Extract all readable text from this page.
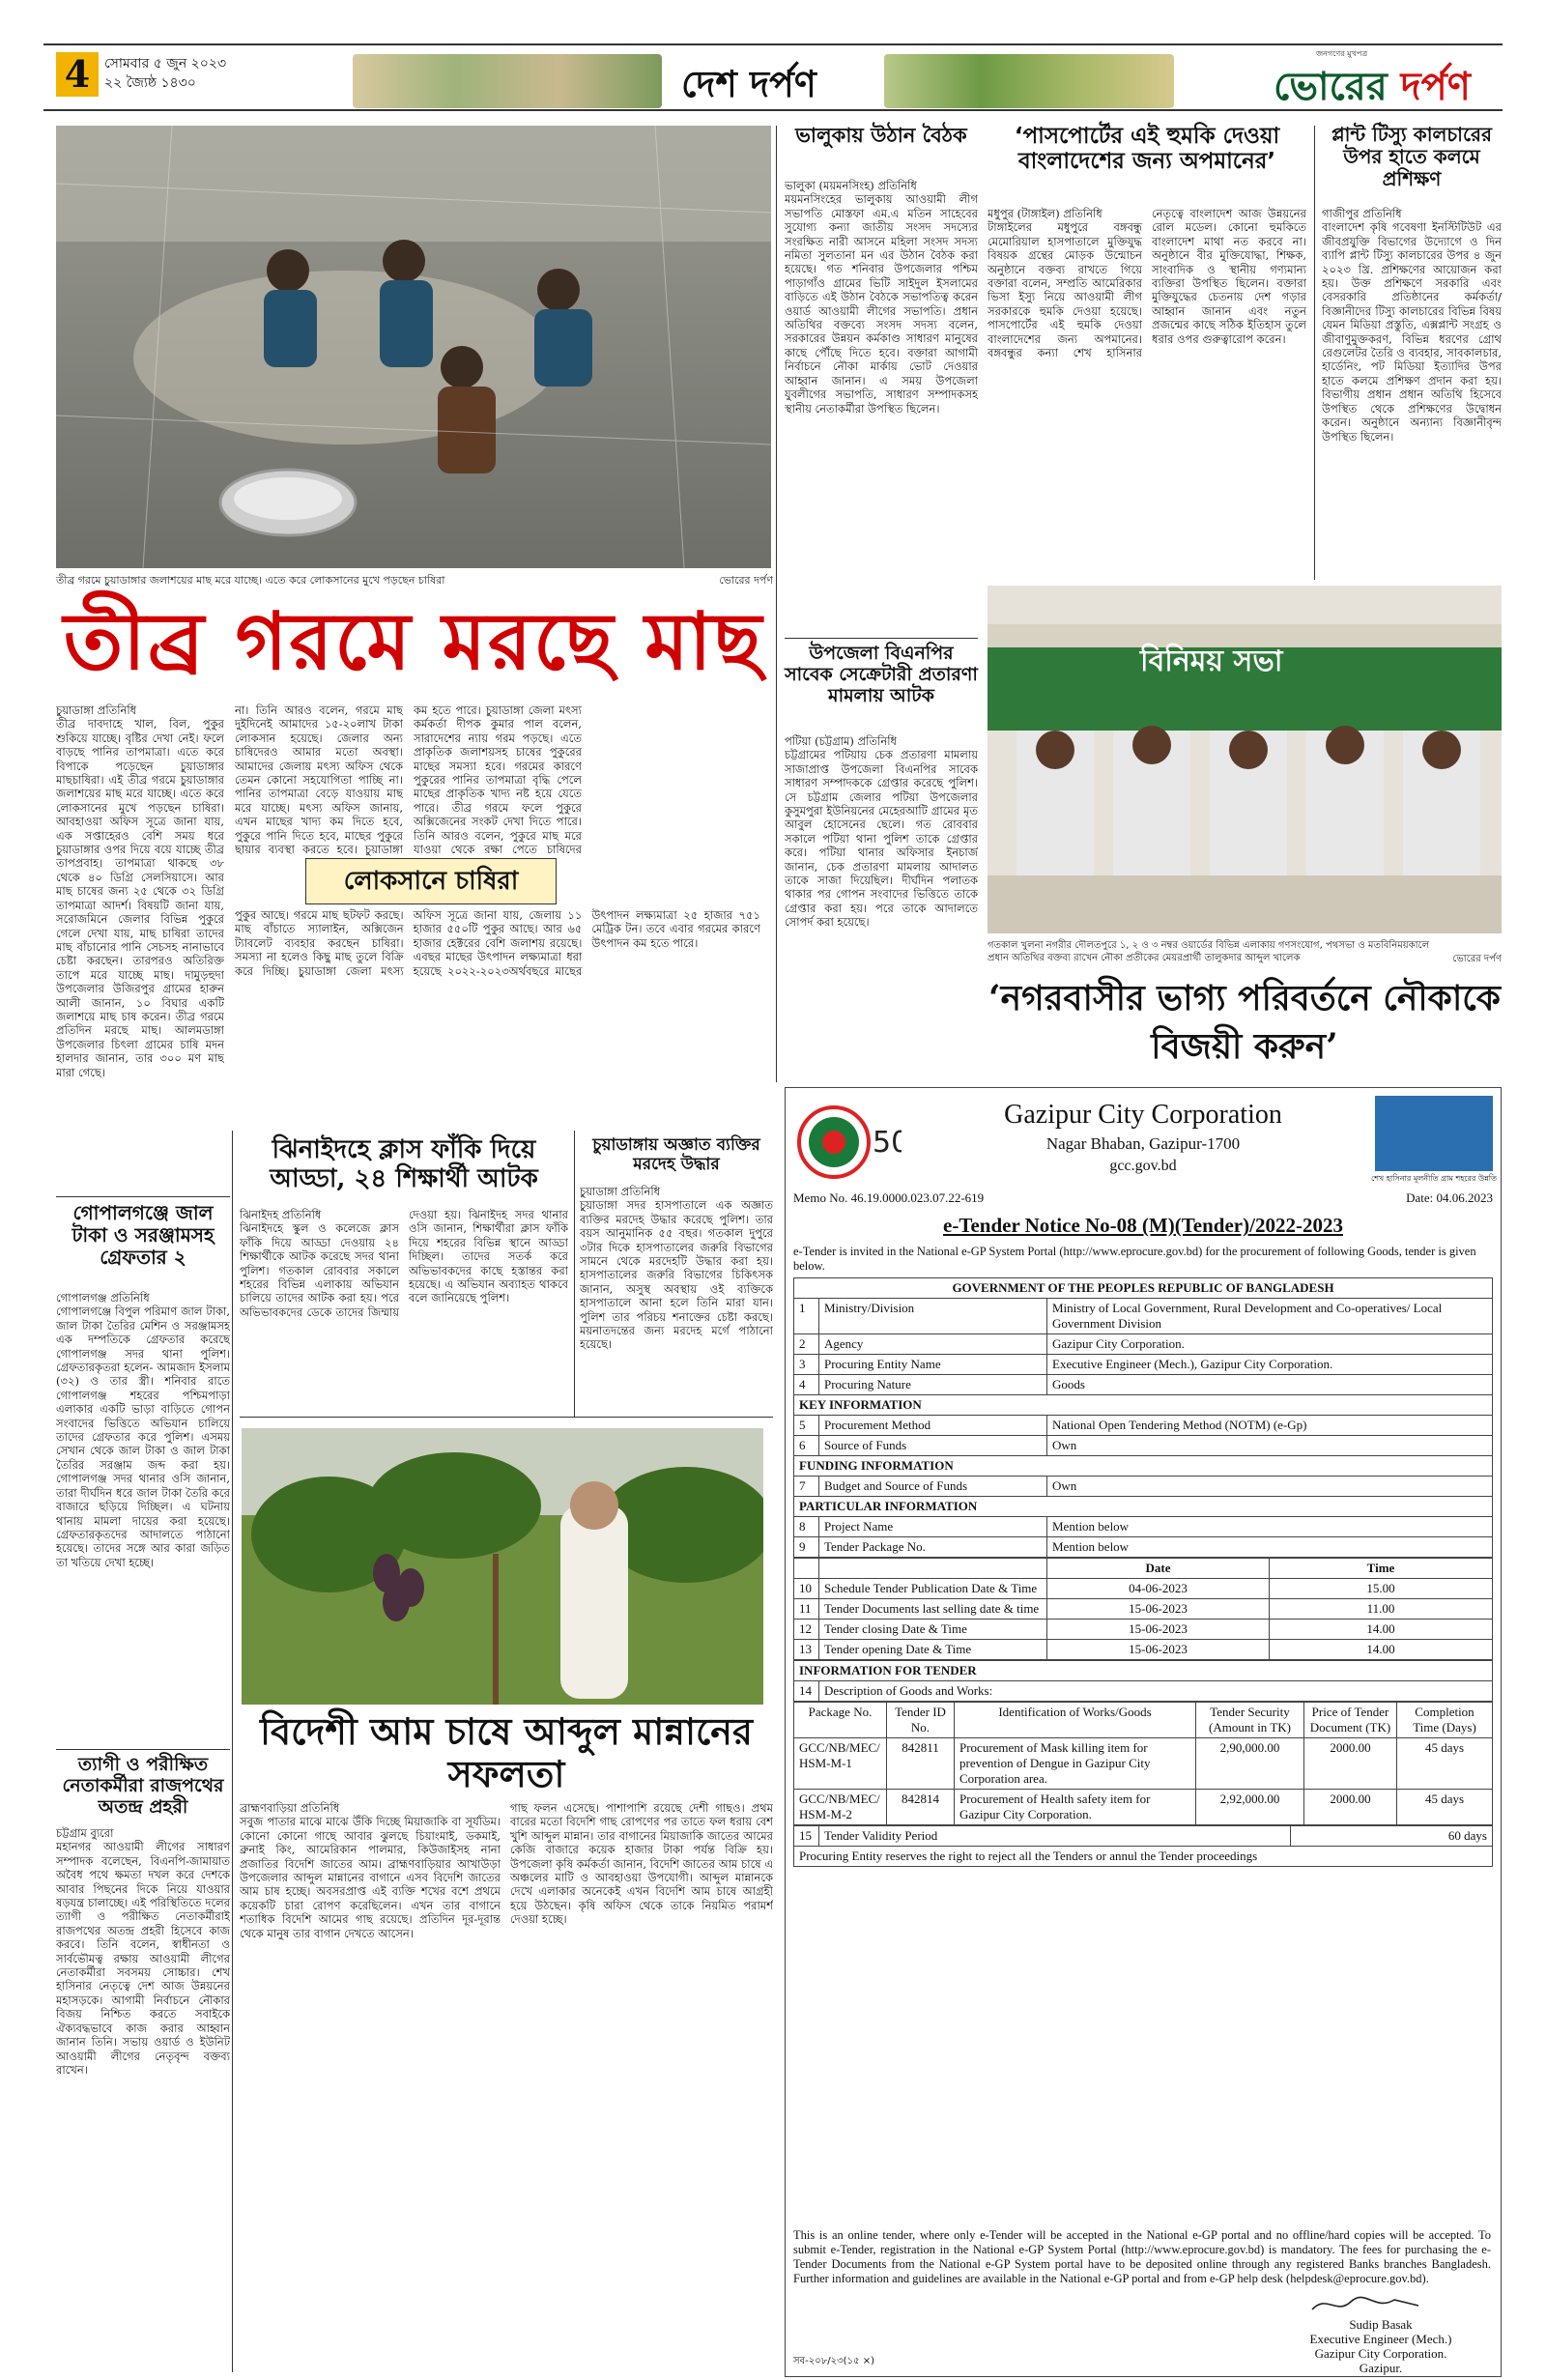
4	সোমবার ৫ জুন ২০২৩
২২ জ্যৈষ্ঠ ১৪৩০	দেশ দর্পণ
জনগণের মুখপত্র
ভোরের দর্পণ
তীব্র গরমে চুয়াডাঙ্গার জলাশয়ের মাছ মরে যাচ্ছে। এতে করে লোকসানের মুখে পড়ছেন চাষিরা	ভোরের দর্পণ
তীব্র গরমে মরছে মাছ
চুয়াডাঙ্গা প্রতিনিধি
তীব্র দাবদাহে খাল, বিল, পুকুর শুকিয়ে যাচ্ছে। বৃষ্টির দেখা নেই। ফলে বাড়ছে পানির তাপমাত্রা। এতে করে বিপাকে পড়েছেন চুয়াডাঙ্গার মাছচাষিরা। এই তীব্র গরমে চুয়াডাঙ্গার জলাশয়ের মাছ মরে যাচ্ছে। এতে করে লোকসানের মুখে পড়ছেন চাষিরা। আবহাওয়া অফিস সূত্রে জানা যায়, এক সপ্তাহেরও বেশি সময় ধরে চুয়াডাঙ্গার ওপর দিয়ে বয়ে যাচ্ছে তীব্র তাপপ্রবাহ। তাপমাত্রা থাকছে ৩৮ থেকে ৪০ ডিগ্রি সেলসিয়াসে। আর মাছ চাষের জন্য ২৫ থেকে ৩২ ডিগ্রি তাপমাত্রা আদর্শ। বিষয়টি জানা যায়, সরোজমিনে জেলার বিভিন্ন পুকুরে গেলে দেখা যায়, মাছ চাষিরা তাদের মাছ বাঁচানোর পানি সেচসহ নানাভাবে চেষ্টা করছেন। তারপরও অতিরিক্ত তাপে মরে যাচ্ছে মাছ। দামুড়হুদা উপজেলার উজিরপুর গ্রামের হারুন আলী জানান, ১০ বিঘার একটি জলাশয়ে মাছ চাষ করেন। তীব্র গরমে প্রতিদিন মরছে মাছ। আলমডাঙ্গা উপজেলার চিৎলা গ্রামের চাষি মদন হালদার জানান, তার ৩০০ মণ মাছ মারা গেছে।
না। তিনি আরও বলেন, গরমে মাছ দুইদিনেই আমাদের ১৫-২০লাখ টাকা লোকসান হয়েছে। জেলার অন্য চাষিদেরও আমার মতো অবস্থা। আমাদের জেলায় মৎস্য অফিস থেকে তেমন কোনো সহযোগিতা পাচ্ছি না। পানির তাপমাত্রা বেড়ে যাওয়ায় মাছ মরে যাচ্ছে। মৎস্য অফিস জানায়, এখন মাছের খাদ্য কম দিতে হবে, পুকুরে পানি দিতে হবে, মাছের পুকুরে ছায়ার ব্যবস্থা করতে হবে। চুয়াডাঙ্গা
কম হতে পারে। চুয়াডাঙ্গা জেলা মৎস্য কর্মকর্তা দীপক কুমার পাল বলেন, সারাদেশের ন্যায় গরম পড়ছে। এতে প্রাকৃতিক জলাশয়সহ চাষের পুকুরের মাছের সমস্যা হবে। গরমের কারণে পুকুরের পানির তাপমাত্রা বৃদ্ধি পেলে মাছের প্রাকৃতিক খাদ্য নষ্ট হয়ে যেতে পারে। তীব্র গরমে ফলে পুকুরে অক্সিজেনের সংকট দেখা দিতে পারে। তিনি আরও বলেন, পুকুরে মাছ মরে যাওয়া থেকে রক্ষা পেতে চাষিদের
লোকসানে চাষিরা
পুকুর আছে। গরমে মাছ ছটফট করছে। মাছ বাঁচাতে স্যালাইন, অক্সিজেন ট্যাবলেট ব্যবহার করছেন চাষিরা। সমস্যা না হলেও কিছু মাছ তুলে বিক্রি করে দিচ্ছি। চুয়াডাঙ্গা জেলা মৎস্য অফিস সূত্রে জানা যায়, জেলায় ১১ হাজার ৫৫০টি পুকুর আছে। আর ৬৫ হাজার হেক্টরের বেশি জলাশয় রয়েছে। এবছর মাছের উৎপাদন লক্ষ্যমাত্রা ধরা হয়েছে ২০২২-২০২৩অর্থবছরে মাছের উৎপাদন লক্ষ্যমাত্রা ২৫ হাজার ৭৫১ মেট্রিক টন। তবে এবার গরমের কারণে উৎপাদন কম হতে পারে।
ভালুকায় উঠান বৈঠক
ভালুকা (ময়মনসিংহ) প্রতিনিধি
ময়মনসিংহের ভালুকায় আওয়ামী লীগ সভাপতি মোস্তফা এম.এ মতিন সাহেবের সুযোগ্য কন্যা জাতীয় সংসদ সদস্যের সংরক্ষিত নারী আসনে মহিলা সংসদ সদস্য নমিতা সুলতানা মন এর উঠান বৈঠক করা হয়েছে। গত শনিবার উপজেলার পশ্চিম পাড়াগাঁও গ্রামের ভিটি সাইদুল ইসলামের বাড়িতে এই উঠান বৈঠকে সভাপতিত্ব করেন ওয়ার্ড আওয়ামী লীগের সভাপতি। প্রধান অতিথির বক্তব্যে সংসদ সদস্য বলেন, সরকারের উন্নয়ন কর্মকাণ্ড সাধারণ মানুষের কাছে পৌঁছে দিতে হবে। বক্তারা আগামী নির্বাচনে নৌকা মার্কায় ভোট দেওয়ার আহ্বান জানান। এ সময় উপজেলা যুবলীগের সভাপতি, সাধারণ সম্পাদকসহ স্থানীয় নেতাকর্মীরা উপস্থিত ছিলেন।
উপজেলা বিএনপির সাবেক সেক্রেটারী প্রতারণা মামলায় আটক
পটিয়া (চট্টগ্রাম) প্রতিনিধি
চট্টগ্রামের পটিয়ায় চেক প্রতারণা মামলায় সাজাপ্রাপ্ত উপজেলা বিএনপির সাবেক সাধারণ সম্পাদককে গ্রেপ্তার করেছে পুলিশ। সে চট্টগ্রাম জেলার পটিয়া উপজেলার কুসুমপুরা ইউনিয়নের মেহেরআটি গ্রামের মৃত আবুল হোসেনের ছেলে। গত রোববার সকালে পটিয়া থানা পুলিশ তাকে গ্রেপ্তার করে। পটিয়া থানার অফিসার ইনচার্জ জানান, চেক প্রতারণা মামলায় আদালত তাকে সাজা দিয়েছিল। দীর্ঘদিন পলাতক থাকার পর গোপন সংবাদের ভিত্তিতে তাকে গ্রেপ্তার করা হয়। পরে তাকে আদালতে সোপর্দ করা হয়েছে।
‘পাসপোর্টের এই হুমকি দেওয়া বাংলাদেশের জন্য অপমানের’
মধুপুর (টাঙ্গাইল) প্রতিনিধি
টাঙ্গাইলের মধুপুরে বঙ্গবন্ধু মেমোরিয়াল হাসপাতালে মুক্তিযুদ্ধ বিষয়ক গ্রন্থের মোড়ক উন্মোচন অনুষ্ঠানে বক্তব্য রাখতে গিয়ে বক্তারা বলেন, সম্প্রতি আমেরিকার ভিসা ইস্যু নিয়ে আওয়ামী লীগ সরকারকে হুমকি দেওয়া হয়েছে। পাসপোর্টের এই হুমকি দেওয়া বাংলাদেশের জন্য অপমানের। বঙ্গবন্ধুর কন্যা শেখ হাসিনার নেতৃত্বে বাংলাদেশ আজ উন্নয়নের রোল মডেল। কোনো হুমকিতে বাংলাদেশ মাথা নত করবে না। অনুষ্ঠানে বীর মুক্তিযোদ্ধা, শিক্ষক, সাংবাদিক ও স্থানীয় গণ্যমান্য ব্যক্তিরা উপস্থিত ছিলেন। বক্তারা মুক্তিযুদ্ধের চেতনায় দেশ গড়ার আহ্বান জানান এবং নতুন প্রজন্মের কাছে সঠিক ইতিহাস তুলে ধরার ওপর গুরুত্বারোপ করেন।
প্লান্ট টিস্যু কালচারের উপর হাতে কলমে প্রশিক্ষণ
গাজীপুর প্রতিনিধি
বাংলাদেশ কৃষি গবেষণা ইনস্টিটিউট এর জীবপ্রযুক্তি বিভাগের উদ্যোগে ও দিন ব্যাপি প্লান্ট টিস্যু কালচারের উপর ৪ জুন ২০২৩ খ্রি. প্রশিক্ষণের আয়োজন করা হয়। উক্ত প্রশিক্ষণে সরকারি এবং বেসরকারি প্রতিষ্ঠানের কর্মকর্তা/বিজ্ঞানীদের টিস্যু কালচারের বিভিন্ন বিষয় যেমন মিডিয়া প্রস্তুতি, এক্সপ্লান্ট সংগ্রহ ও জীবাণুমুক্তকরণ, বিভিন্ন ধরণের গ্রোথ রেগুলেটর তৈরি ও ব্যবহার, সাবকালচার, হার্ডেনিং, পট মিডিয়া ইত্যাদির উপর হাতে কলমে প্রশিক্ষণ প্রদান করা হয়। বিভাগীয় প্রধান প্রধান অতিথি হিসেবে উপস্থিত থেকে প্রশিক্ষণের উদ্বোধন করেন। অনুষ্ঠানে অন্যান্য বিজ্ঞানীবৃন্দ উপস্থিত ছিলেন।
বিনিময় সভা
গতকাল খুলনা নগরীর দৌলতপুরে ১, ২ ও ৩ নম্বর ওয়ার্ডের বিভিন্ন এলাকায় গণসংযোগ, পথসভা ও মতবিনিময়কালে প্রধান অতিথির বক্তব্য রাখেন নৌকা প্রতীকের মেয়রপ্রার্থী তালুকদার আব্দুল খালেক	ভোরের দর্পণ
‘নগরবাসীর ভাগ্য পরিবর্তনে নৌকাকে বিজয়ী করুন’
গোপালগঞ্জে জাল টাকা ও সরঞ্জামসহ গ্রেফতার ২
গোপালগঞ্জ প্রতিনিধি
গোপালগঞ্জে বিপুল পরিমাণ জাল টাকা, জাল টাকা তৈরির মেশিন ও সরঞ্জামসহ এক দম্পতিকে গ্রেফতার করেছে গোপালগঞ্জ সদর থানা পুলিশ। গ্রেফতারকৃতরা হলেন- আমজাদ ইসলাম (৩২) ও তার স্ত্রী। শনিবার রাতে গোপালগঞ্জ শহরের পশ্চিমপাড়া এলাকার একটি ভাড়া বাড়িতে গোপন সংবাদের ভিত্তিতে অভিযান চালিয়ে তাদের গ্রেফতার করে পুলিশ। এসময় সেখান থেকে জাল টাকা ও জাল টাকা তৈরির সরঞ্জাম জব্দ করা হয়। গোপালগঞ্জ সদর থানার ওসি জানান, তারা দীর্ঘদিন ধরে জাল টাকা তৈরি করে বাজারে ছড়িয়ে দিচ্ছিল। এ ঘটনায় থানায় মামলা দায়ের করা হয়েছে। গ্রেফতারকৃতদের আদালতে পাঠানো হয়েছে। তাদের সঙ্গে আর কারা জড়িত তা খতিয়ে দেখা হচ্ছে।
ত্যাগী ও পরীক্ষিত নেতাকর্মীরা রাজপথের অতন্দ্র প্রহরী
চট্টগ্রাম ব্যুরো
মহানগর আওয়ামী লীগের সাধারণ সম্পাদক বলেছেন, বিএনপি-জামায়াত অবৈধ পথে ক্ষমতা দখল করে দেশকে আবার পিছনের দিকে নিয়ে যাওয়ার ষড়যন্ত্র চালাচ্ছে। এই পরিস্থিতিতে দলের ত্যাগী ও পরীক্ষিত নেতাকর্মীরাই রাজপথের অতন্দ্র প্রহরী হিসেবে কাজ করবে। তিনি বলেন, স্বাধীনতা ও সার্বভৌমত্ব রক্ষায় আওয়ামী লীগের নেতাকর্মীরা সবসময় সোচ্চার। শেখ হাসিনার নেতৃত্বে দেশ আজ উন্নয়নের মহাসড়কে। আগামী নির্বাচনে নৌকার বিজয় নিশ্চিত করতে সবাইকে ঐক্যবদ্ধভাবে কাজ করার আহ্বান জানান তিনি। সভায় ওয়ার্ড ও ইউনিট আওয়ামী লীগের নেতৃবৃন্দ বক্তব্য রাখেন।
ঝিনাইদহে ক্লাস ফাঁকি দিয়ে আড্ডা, ২৪ শিক্ষার্থী আটক
ঝিনাইদহ প্রতিনিধি
ঝিনাইদহে স্কুল ও কলেজে ক্লাস ফাঁকি দিয়ে আড্ডা দেওয়ায় ২৪ শিক্ষার্থীকে আটক করেছে সদর থানা পুলিশ। গতকাল রোববার সকালে শহরের বিভিন্ন এলাকায় অভিযান চালিয়ে তাদের আটক করা হয়। পরে অভিভাবকদের ডেকে তাদের জিম্মায় দেওয়া হয়। ঝিনাইদহ সদর থানার ওসি জানান, শিক্ষার্থীরা ক্লাস ফাঁকি দিয়ে শহরের বিভিন্ন স্থানে আড্ডা দিচ্ছিল। তাদের সতর্ক করে অভিভাবকদের কাছে হস্তান্তর করা হয়েছে। এ অভিযান অব্যাহত থাকবে বলে জানিয়েছে পুলিশ।
চুয়াডাঙ্গায় অজ্ঞাত ব্যক্তির মরদেহ উদ্ধার
চুয়াডাঙ্গা প্রতিনিধি
চুয়াডাঙ্গা সদর হাসপাতালে এক অজ্ঞাত ব্যক্তির মরদেহ উদ্ধার করেছে পুলিশ। তার বয়স আনুমানিক ৫৫ বছর। গতকাল দুপুরে ৩টার দিকে হাসপাতালের জরুরি বিভাগের সামনে থেকে মরদেহটি উদ্ধার করা হয়। হাসপাতালের জরুরি বিভাগের চিকিৎসক জানান, অসুস্থ অবস্থায় ওই ব্যক্তিকে হাসপাতালে আনা হলে তিনি মারা যান। পুলিশ তার পরিচয় শনাক্তের চেষ্টা করছে। ময়নাতদন্তের জন্য মরদেহ মর্গে পাঠানো হয়েছে।
বিদেশী আম চাষে আব্দুল মান্নানের সফলতা
ব্রাহ্মণবাড়িয়া প্রতিনিধি
সবুজ পাতার মাঝে মাঝে উঁকি দিচ্ছে মিয়াজাকি বা সূর্যডিম। কোনো কোনো গাছে আবার ঝুলছে চিয়াংমাই, ডকমাই, ব্রুনাই কিং, আমেরিকান পালমার, কিউজাইসহ নানা প্রজাতির বিদেশি জাতের আম। ব্রাহ্মণবাড়িয়ার আখাউড়া উপজেলার আব্দুল মান্নানের বাগানে এসব বিদেশি জাতের আম চাষ হচ্ছে। অবসরপ্রাপ্ত এই ব্যক্তি শখের বশে প্রথমে কয়েকটি চারা রোপণ করেছিলেন। এখন তার বাগানে শতাধিক বিদেশি আমের গাছ রয়েছে। প্রতিদিন দূর-দূরান্ত থেকে মানুষ তার বাগান দেখতে আসেন।
গাছ ফলন এসেছে। পাশাপাশি রয়েছে দেশী গাছও। প্রথম বারের মতো বিদেশি গাছ রোপণের পর তাতে ফল ধরায় বেশ খুশি আব্দুল মান্নান। তার বাগানের মিয়াজাকি জাতের আমের কেজি বাজারে কয়েক হাজার টাকা পর্যন্ত বিক্রি হয়। উপজেলা কৃষি কর্মকর্তা জানান, বিদেশি জাতের আম চাষে এ অঞ্চলের মাটি ও আবহাওয়া উপযোগী। আব্দুল মান্নানকে দেখে এলাকার অনেকেই এখন বিদেশি আম চাষে আগ্রহী হয়ে উঠছেন। কৃষি অফিস থেকে তাকে নিয়মিত পরামর্শ দেওয়া হচ্ছে।
50
Gazipur City Corporation
Nagar Bhaban, Gazipur-1700
gcc.gov.bd
শেখ হাসিনার মূলনীতি গ্রাম শহরের উন্নতি
Memo No. 46.19.0000.023.07.22-619	Date: 04.06.2023
e-Tender Notice No-08 (M)(Tender)/2022-2023
e-Tender is invited in the National e-GP System Portal (http://www.eprocure.gov.bd) for the procurement of following Goods, tender is given below.
GOVERNMENT OF THE PEOPLES REPUBLIC OF BANGLADESH		
1	Ministry/Division	Ministry of Local Government, Rural Development and Co-operatives/ Local Government Division
2	Agency	Gazipur City Corporation.
3	Procuring Entity Name	Executive Engineer (Mech.), Gazipur City Corporation.
4	Procuring Nature	Goods
KEY INFORMATION		
5	Procurement Method	National Open Tendering Method (NOTM) (e-Gp)
6	Source of Funds	Own
FUNDING INFORMATION		
7	Budget and Source of Funds	Own
PARTICULAR INFORMATION		
8	Project Name	Mention below
9	Tender Package No.	Mention below
		Date	Time
10	Schedule Tender Publication Date & Time	04-06-2023	15.00
11	Tender Documents last selling date & time	15-06-2023	11.00
12	Tender closing Date & Time	15-06-2023	14.00
13	Tender opening Date & Time	15-06-2023	14.00
INFORMATION FOR TENDER
14	Description of Goods and Works:
Package No.	Tender ID No.	Identification of Works/Goods	Tender Security (Amount in TK)	Price of Tender Document (TK)	Completion Time (Days)
GCC/NB/MEC/ HSM-M-1	842811	Procurement of Mask killing item for prevention of Dengue in Gazipur City Corporation area.	2,90,000.00	2000.00	45 days
GCC/NB/MEC/ HSM-M-2	842814	Procurement of Health safety item for Gazipur City Corporation.	2,92,000.00	2000.00	45 days
15	Tender Validity Period	60 days
Procuring Entity reserves the right to reject all the Tenders or annul the Tender proceedings
This is an online tender, where only e-Tender will be accepted in the National e-GP portal and no offline/hard copies will be accepted. To submit e-Tender, registration in the National e-GP System Portal (http://www.eprocure.gov.bd) is mandatory. The fees for purchasing the e-Tender Documents from the National e-GP System portal have to be deposited online through any registered Banks branches Bangladesh. Further information and guidelines are available in the National e-GP portal and from e-GP help desk (helpdesk@eprocure.gov.bd).
Sudip Basak
Executive Engineer (Mech.)
Gazipur City Corporation.
Gazipur.
সব-২০৮/২৩(১৫ ×)
